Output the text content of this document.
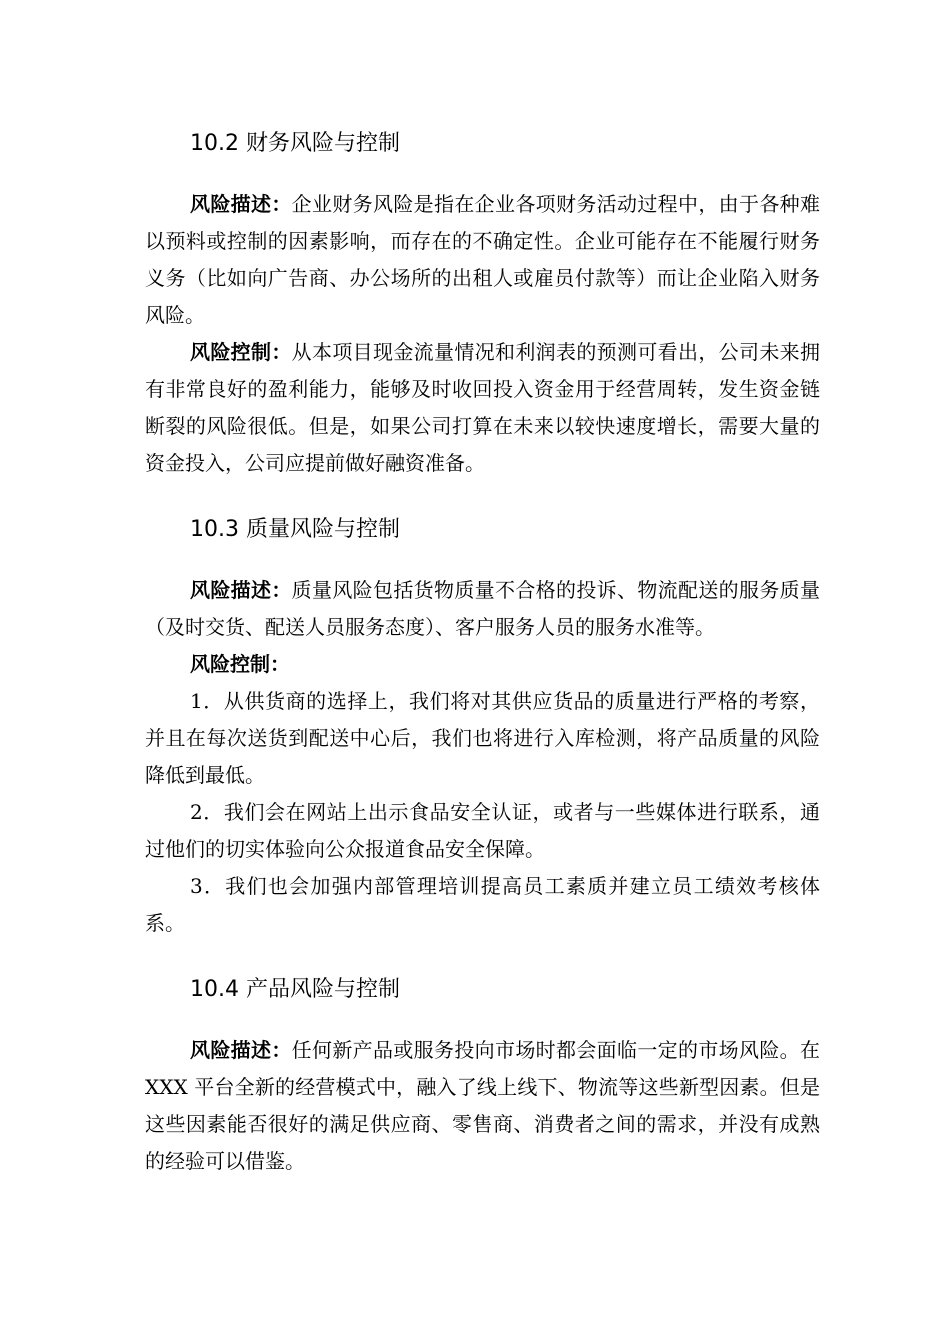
10.2 财务风险与控制

风险描述：企业财务风险是指在企业各项财务活动过程中，由于各种难以预料或控制的因素影响，而存在的不确定性。企业可能存在不能履行财务义务（比如向广告商、办公场所的出租人或雇员付款等）而让企业陷入财务风险。

风险控制：从本项目现金流量情况和利润表的预测可看出，公司未来拥有非常良好的盈利能力，能够及时收回投入资金用于经营周转，发生资金链断裂的风险很低。但是，如果公司打算在未来以较快速度增长，需要大量的资金投入，公司应提前做好融资准备。

10.3 质量风险与控制

风险描述：质量风险包括货物质量不合格的投诉、物流配送的服务质量（及时交货、配送人员服务态度）、客户服务人员的服务水准等。

风险控制：

1．从供货商的选择上，我们将对其供应货品的质量进行严格的考察，并且在每次送货到配送中心后，我们也将进行入库检测，将产品质量的风险降低到最低。

2．我们会在网站上出示食品安全认证，或者与一些媒体进行联系，通过他们的切实体验向公众报道食品安全保障。

3．我们也会加强内部管理培训提高员工素质并建立员工绩效考核体系。

10.4 产品风险与控制

风险描述：任何新产品或服务投向市场时都会面临一定的市场风险。在 XXX 平台全新的经营模式中，融入了线上线下、物流等这些新型因素。但是这些因素能否很好的满足供应商、零售商、消费者之间的需求，并没有成熟的经验可以借鉴。
